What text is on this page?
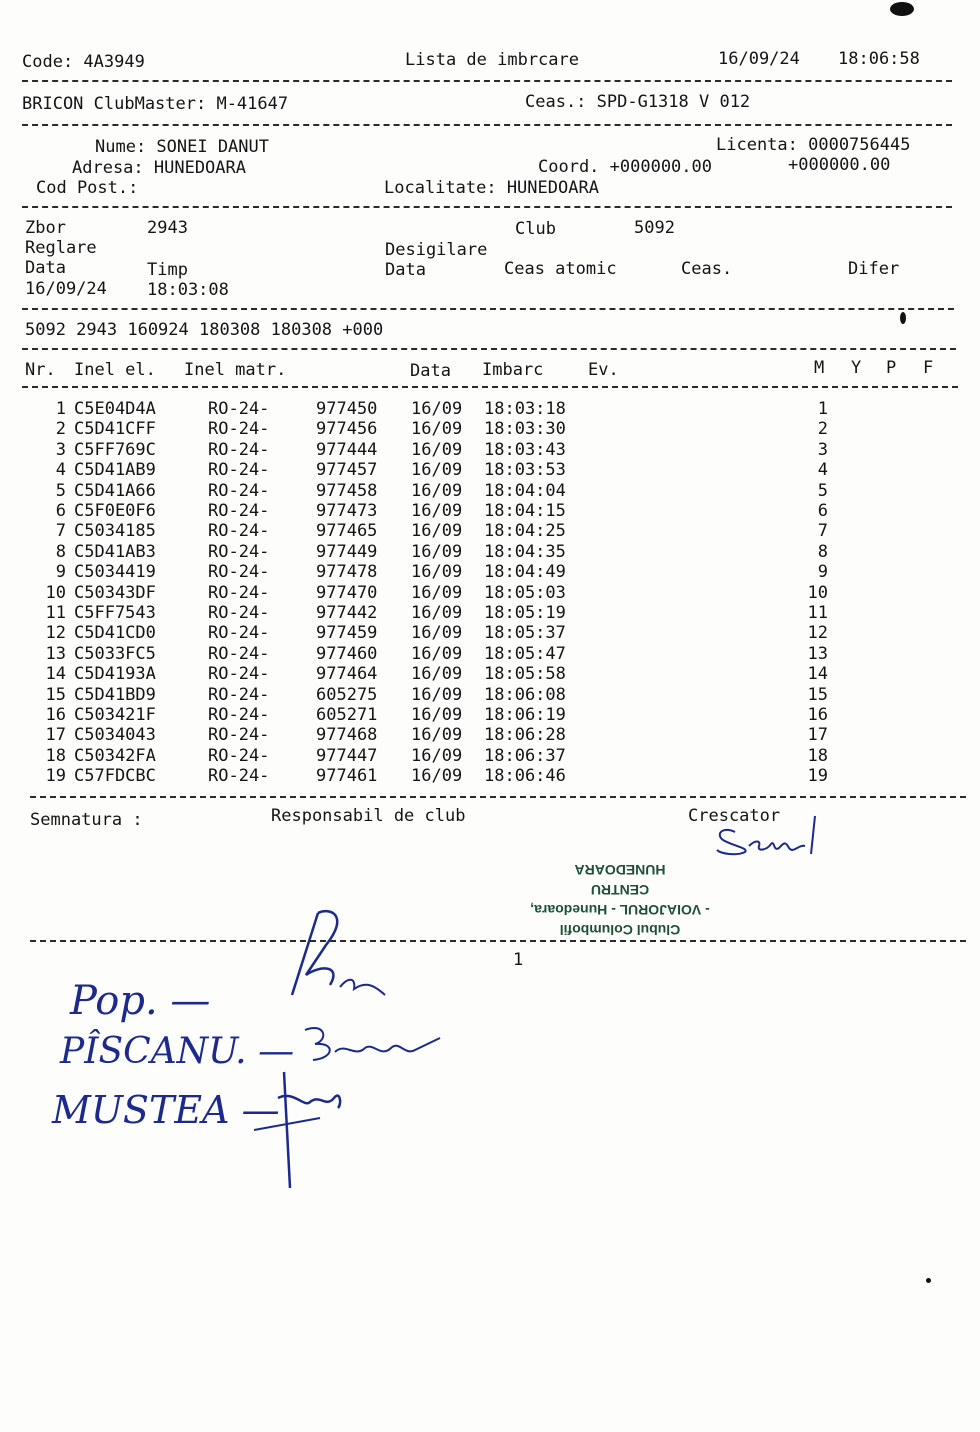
Code: 4A3949	Lista de imbrcare	16/09/24 18:06:58
BRICON ClubMaster: M-41647	Ceas.: SPD-G1318 V 012
Nume: SONEI DANUT	Licenta: 0000756445
Adresa: HUNEDOARA	Coord. +000000.00	+000000.00
Cod Post.:	Localitate: HUNEDOARA
Zbor	2943	Club	5092
Reglare	Desigilare
Data	Timp	Data	Ceas atomic	Ceas.	Difer
16/09/24 18:03:08
5092 2943 160924 180308 180308 +000
Nr. Inel el. Inel matr.	Data Imbarc	Ev.	M Y P F
1 C5E04D4A	RO-24-	977450	16/09	18:03:18	1
2 C5D41CFF	RO-24-	977456	16/09	18:03:30	2
3 C5FF769C	RO-24-	977444	16/09	18:03:43	3
4 C5D41AB9	RO-24-	977457	16/09	18:03:53	4
5 C5D41A66	RO-24-	977458	16/09	18:04:04	5
6 C5F0E0F6	RO-24-	977473	16/09	18:04:15	6
7 C5034185	RO-24-	977465	16/09	18:04:25	7
8 C5D41AB3	RO-24-	977449	16/09	18:04:35	8
9 C5034419	RO-24-	977478	16/09	18:04:49	9
10 C50343DF	RO-24-	977470	16/09	18:05:03	10
11 C5FF7543	RO-24-	977442	16/09	18:05:19	11
12 C5D41CD0	RO-24-	977459	16/09	18:05:37	12
13 C5033FC5	RO-24-	977460	16/09	18:05:47	13
14 C5D4193A	RO-24-	977464	16/09	18:05:58	14
15 C5D41BD9	RO-24-	605275	16/09	18:06:08	15
16 C503421F	RO-24-	605271	16/09	18:06:19	16
17 C5034043	RO-24-	977468	16/09	18:06:28	17
18 C50342FA	RO-24-	977447	16/09	18:06:37	18
19 C57FDCBC	RO-24-	977461	16/09	18:06:46	19
Semnatura :	Responsabil de club	Crescator
Clubul Columbofil
- VOIAJORUL - Hunedoara,
CENTRU
HUNEDOARA
1
Pop. —
PÎSCANU. —
MUSTEA —
